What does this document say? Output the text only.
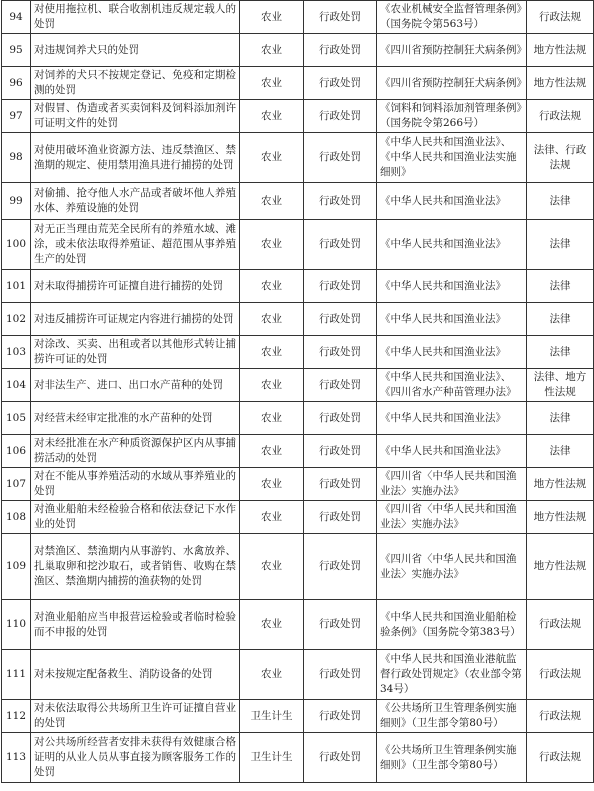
94	对使用拖拉机、联合收割机违反规定载人的处罚	农业	行政处罚	《农业机械安全监督管理条例》（国务院令第563号）	行政法规
95	对违规饲养犬只的处罚	农业	行政处罚	《四川省预防控制狂犬病条例》	地方性法规
96	对饲养的犬只不按规定登记、免疫和定期检测的处罚	农业	行政处罚	《四川省预防控制狂犬病条例》	地方性法规
97	对假冒、伪造或者买卖饲料及饲料添加剂许可证明文件的处罚	农业	行政处罚	《饲料和饲料添加剂管理条例》（国务院令第266号）	行政法规
98	对使用破坏渔业资源方法、违反禁渔区、禁渔期的规定、使用禁用渔具进行捕捞的处罚	农业	行政处罚	《中华人民共和国渔业法》、《中华人民共和国渔业法实施细则》	法律、行政法规
99	对偷捕、抢夺他人水产品或者破坏他人养殖水体、养殖设施的处罚	农业	行政处罚	《中华人民共和国渔业法》	法律
100	对无正当理由荒芜全民所有的养殖水域、滩涂，或未依法取得养殖证、超范围从事养殖生产的处罚	农业	行政处罚	《中华人民共和国渔业法》	法律
101	对未取得捕捞许可证擅自进行捕捞的处罚	农业	行政处罚	《中华人民共和国渔业法》	法律
102	对违反捕捞许可证规定内容进行捕捞的处罚	农业	行政处罚	《中华人民共和国渔业法》	法律
103	对涂改、买卖、出租或者以其他形式转让捕捞许可证的处罚	农业	行政处罚	《中华人民共和国渔业法》	法律
104	对非法生产、进口、出口水产苗种的处罚	农业	行政处罚	《中华人民共和国渔业法》、《四川省水产种苗管理办法》	法律、地方性法规
105	对经营未经审定批准的水产苗种的处罚	农业	行政处罚	《中华人民共和国渔业法》	法律
106	对未经批准在水产种质资源保护区内从事捕捞活动的处罚	农业	行政处罚	《中华人民共和国渔业法》	法律
107	对在不能从事养殖活动的水域从事养殖业的处罚	农业	行政处罚	《四川省〈中华人民共和国渔业法〉实施办法》	地方性法规
108	对渔业船舶未经检验合格和依法登记下水作业的处罚	农业	行政处罚	《四川省〈中华人民共和国渔业法〉实施办法》	地方性法规
109	对禁渔区、禁渔期内从事游钓、水禽放养、扎巢取卵和挖沙取石，或者销售、收购在禁渔区、禁渔期内捕捞的渔获物的处罚	农业	行政处罚	《四川省〈中华人民共和国渔业法〉实施办法》	地方性法规
110	对渔业船舶应当申报营运检验或者临时检验而不申报的处罚	农业	行政处罚	《中华人民共和国渔业船舶检验条例》（国务院令第383号）	行政法规
111	对未按规定配备救生、消防设备的处罚	农业	行政处罚	《中华人民共和国渔业港航监督行政处罚规定》（农业部令第34号）	行政法规
112	对未依法取得公共场所卫生许可证擅自营业的处罚	卫生计生	行政处罚	《公共场所卫生管理条例实施细则》（卫生部令第80号）	行政法规
113	对公共场所经营者安排未获得有效健康合格证明的从业人员从事直接为顾客服务工作的处罚	卫生计生	行政处罚	《公共场所卫生管理条例实施细则》（卫生部令第80号）	行政法规
